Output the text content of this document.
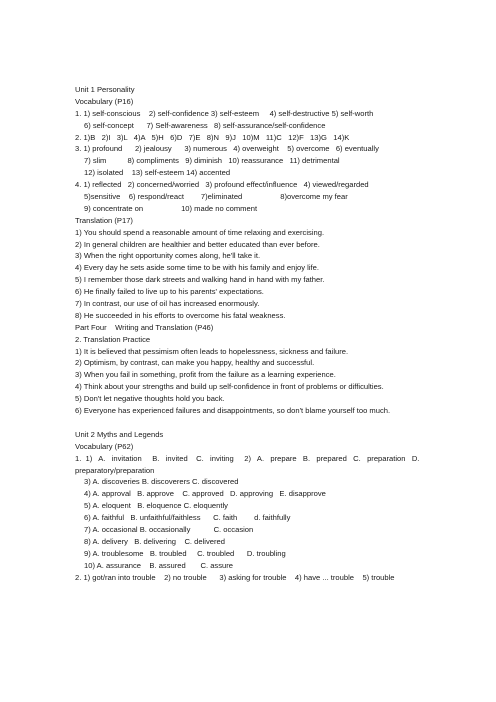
Unit 1 Personality
Vocabulary (P16)
1. 1) self-conscious    2) self-confidence 3) self-esteem     4) self-destructive 5) self-worth
6) self-concept      7) Self-awareness   8) self-assurance/self-confidence
2. 1)B   2)I   3)L   4)A   5)H   6)D   7)E   8)N   9)J   10)M   11)C   12)F   13)G   14)K
3. 1) profound      2) jealousy      3) numerous   4) overweight    5) overcome   6) eventually
7) slim          8) compliments   9) diminish   10) reassurance   11) detrimental
12) isolated    13) self-esteem 14) accented
4. 1) reflected   2) concerned/worried   3) profound effect/influence   4) viewed/regarded
5)sensitive    6) respond/react        7)eliminated                  8)overcome my fear
9) concentrate on                  10) made no comment
Translation (P17)
1) You should spend a reasonable amount of time relaxing and exercising.
2) In general children are healthier and better educated than ever before.
3) When the right opportunity comes along, he'll take it.
4) Every day he sets aside some time to be with his family and enjoy life.
5) I remember those dark streets and walking hand in hand with my father.
6) He finally failed to live up to his parents' expectations.
7) In contrast, our use of oil has increased enormously.
8) He succeeded in his efforts to overcome his fatal weakness.
Part Four    Writing and Translation (P46)
2. Translation Practice
1) It is believed that pessimism often leads to hopelessness, sickness and failure.
2) Optimism, by contrast, can make you happy, healthy and successful.
3) When you fail in something, profit from the failure as a learning experience.
4) Think about your strengths and build up self-confidence in front of problems or difficulties.
5) Don't let negative thoughts hold you back.
6) Everyone has experienced failures and disappointments, so don't blame yourself too much.
Unit 2 Myths and Legends
Vocabulary (P62)
1.  1)   A.   invitation     B.   invited    C.   inviting     2)   A.   prepare   B.   prepared   C.   preparation   D.
preparatory/preparation
3) A. discoveries B. discoverers C. discovered
4) A. approval   B. approve    C. approved   D. approving   E. disapprove
5) A. eloquent   B. eloquence C. eloquently
6) A. faithful   B. unfaithful/faithless      C. faith        d. faithfully
7) A. occasional B. occasionally           C. occasion
8) A. delivery   B. delivering    C. delivered
9) A. troublesome   B. troubled     C. troubled      D. troubling
10) A. assurance    B. assured       C. assure
2. 1) got/ran into trouble    2) no trouble      3) asking for trouble    4) have ... trouble    5) trouble
